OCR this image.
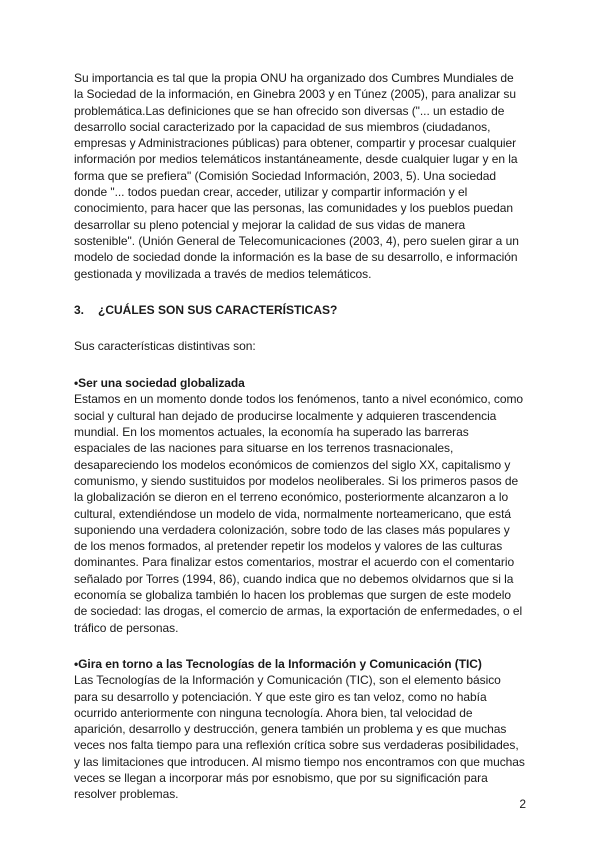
Su importancia es tal que la propia ONU ha organizado dos Cumbres Mundiales de la Sociedad de la información, en Ginebra 2003 y en Túnez (2005), para analizar su problemática.Las definiciones que se han ofrecido son diversas ("... un estadio de desarrollo social caracterizado por la capacidad de sus miembros (ciudadanos, empresas y Administraciones públicas) para obtener, compartir y procesar cualquier información por medios telemáticos instantáneamente, desde cualquier lugar y en la forma que se prefiera" (Comisión Sociedad Información, 2003, 5). Una sociedad donde "... todos puedan crear, acceder, utilizar y compartir información y el conocimiento, para hacer que las personas, las comunidades y los pueblos puedan desarrollar su pleno potencial y mejorar la calidad de sus vidas de manera sostenible". (Unión General de Telecomunicaciones (2003, 4), pero suelen girar a un modelo de sociedad donde la información es la base de su desarrollo, e información gestionada y movilizada a través de medios telemáticos.

3. ¿CUÁLES SON SUS CARACTERÍSTICAS?

Sus características distintivas son:

•Ser una sociedad globalizada

Estamos en un momento donde todos los fenómenos, tanto a nivel económico, como social y cultural han dejado de producirse localmente y adquieren trascendencia mundial. En los momentos actuales, la economía ha superado las barreras espaciales de las naciones para situarse en los terrenos trasnacionales, desapareciendo los modelos económicos de comienzos del siglo XX, capitalismo y comunismo, y siendo sustituidos por modelos neoliberales. Si los primeros pasos de la globalización se dieron en el terreno económico, posteriormente alcanzaron a lo cultural, extendiéndose un modelo de vida, normalmente norteamericano, que está suponiendo una verdadera colonización, sobre todo de las clases más populares y de los menos formados, al pretender repetir los modelos y valores de las culturas dominantes. Para finalizar estos comentarios, mostrar el acuerdo con el comentario señalado por Torres (1994, 86), cuando indica que no debemos olvidarnos que si la economía se globaliza también lo hacen los problemas que surgen de este modelo de sociedad: las drogas, el comercio de armas, la exportación de enfermedades, o el tráfico de personas.

•Gira en torno a las Tecnologías de la Información y Comunicación (TIC)

Las Tecnologías de la Información y Comunicación (TIC), son el elemento básico para su desarrollo y potenciación. Y que este giro es tan veloz, como no había ocurrido anteriormente con ninguna tecnología. Ahora bien, tal velocidad de aparición, desarrollo y destrucción, genera también un problema y es que muchas veces nos falta tiempo para una reflexión crítica sobre sus verdaderas posibilidades, y las limitaciones que introducen. Al mismo tiempo nos encontramos con que muchas veces se llegan a incorporar más por esnobismo, que por su significación para resolver problemas.

2
